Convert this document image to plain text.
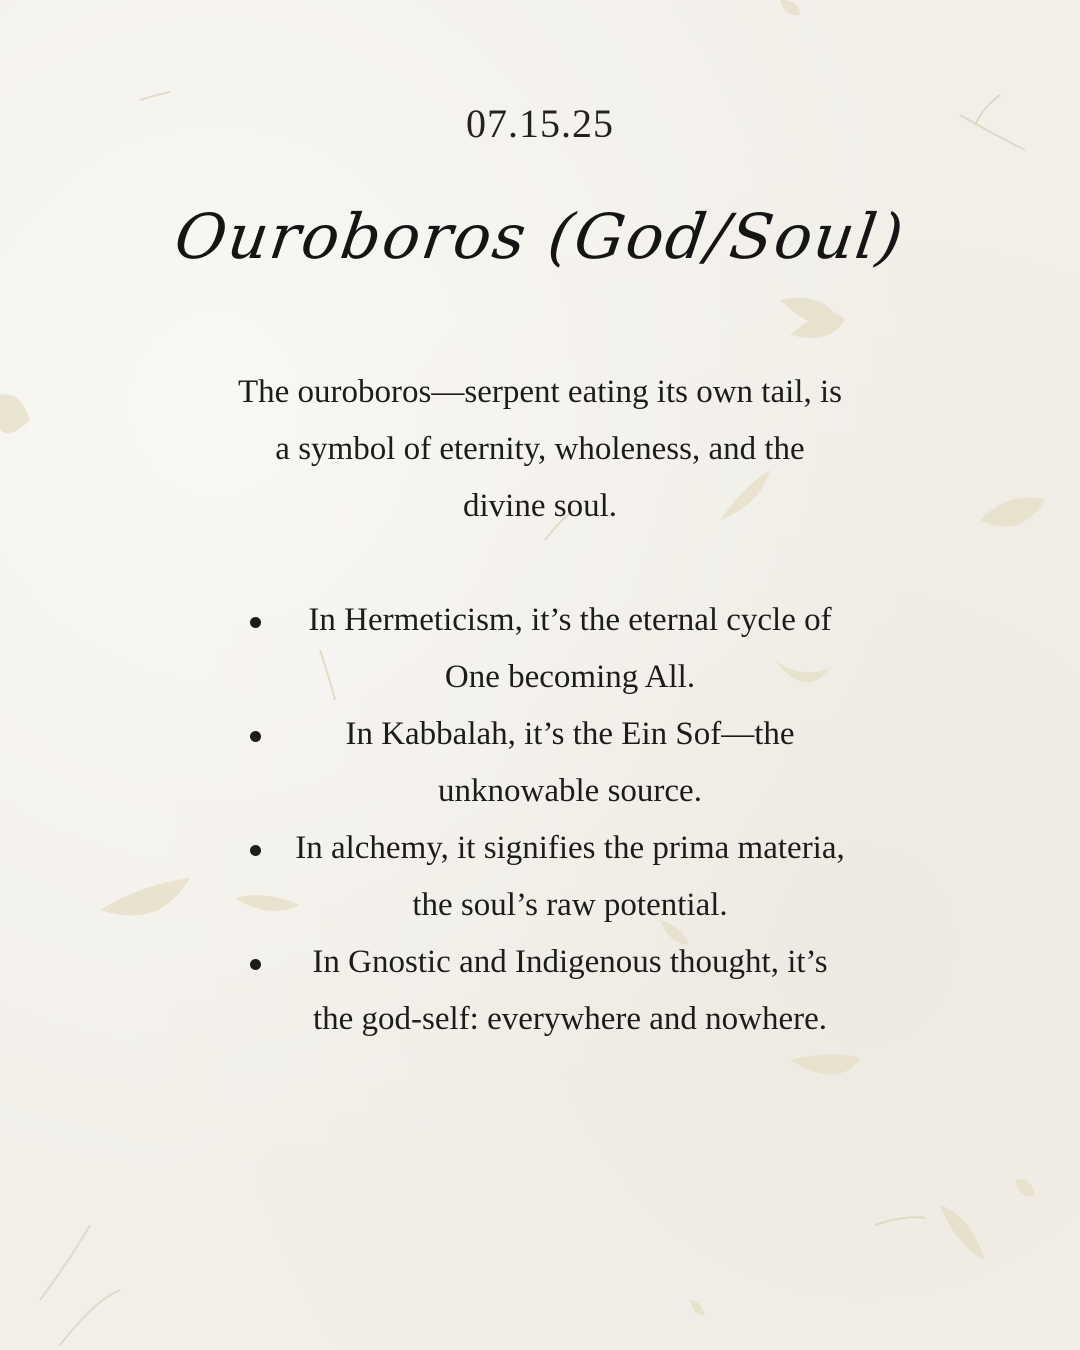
07.15.25
Ouroboros (God/Soul)

The ouroboros—serpent eating its own tail, is a symbol of eternity, wholeness, and the divine soul.

In Hermeticism, it’s the eternal cycle of One becoming All.
In Kabbalah, it’s the Ein Sof—the unknowable source.
In alchemy, it signifies the prima materia, the soul’s raw potential.
In Gnostic and Indigenous thought, it’s the god-self: everywhere and nowhere.
